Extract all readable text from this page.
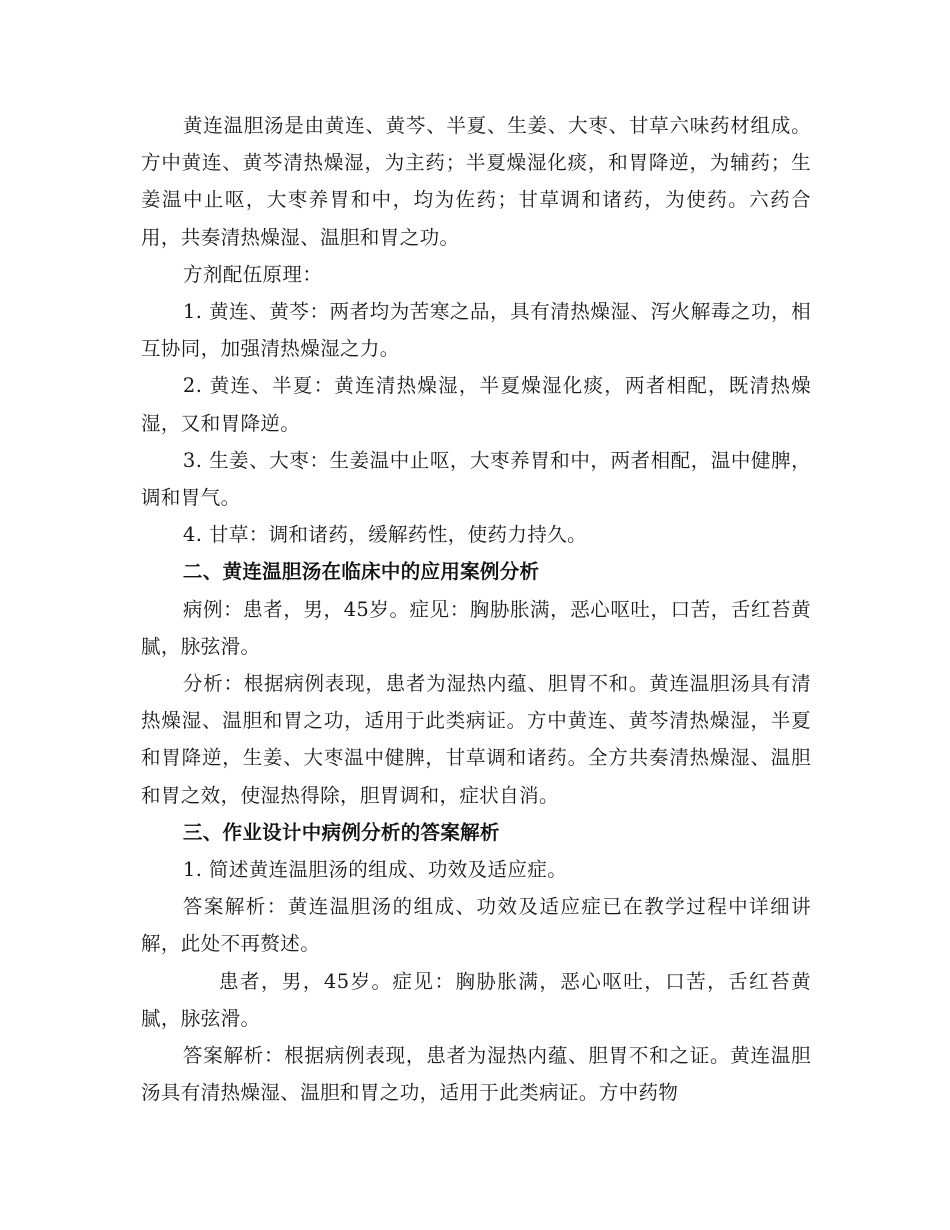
黄连温胆汤是由黄连、黄芩、半夏、生姜、大枣、甘草六味药材组成。方中黄连、黄芩清热燥湿，为主药；半夏燥湿化痰，和胃降逆，为辅药；生姜温中止呕，大枣养胃和中，均为佐药；甘草调和诸药，为使药。六药合用，共奏清热燥湿、温胆和胃之功。

方剂配伍原理：

1. 黄连、黄芩：两者均为苦寒之品，具有清热燥湿、泻火解毒之功，相互协同，加强清热燥湿之力。

2. 黄连、半夏：黄连清热燥湿，半夏燥湿化痰，两者相配，既清热燥湿，又和胃降逆。

3. 生姜、大枣：生姜温中止呕，大枣养胃和中，两者相配，温中健脾，调和胃气。

4. 甘草：调和诸药，缓解药性，使药力持久。

二、黄连温胆汤在临床中的应用案例分析

病例：患者，男，45岁。症见：胸胁胀满，恶心呕吐，口苦，舌红苔黄腻，脉弦滑。

分析：根据病例表现，患者为湿热内蕴、胆胃不和。黄连温胆汤具有清热燥湿、温胆和胃之功，适用于此类病证。方中黄连、黄芩清热燥湿，半夏和胃降逆，生姜、大枣温中健脾，甘草调和诸药。全方共奏清热燥湿、温胆和胃之效，使湿热得除，胆胃调和，症状自消。

三、作业设计中病例分析的答案解析

1. 简述黄连温胆汤的组成、功效及适应症。

答案解析：黄连温胆汤的组成、功效及适应症已在教学过程中详细讲解，此处不再赘述。

患者，男，45岁。症见：胸胁胀满，恶心呕吐，口苦，舌红苔黄腻，脉弦滑。

答案解析：根据病例表现，患者为湿热内蕴、胆胃不和之证。黄连温胆汤具有清热燥湿、温胆和胃之功，适用于此类病证。方中药物
